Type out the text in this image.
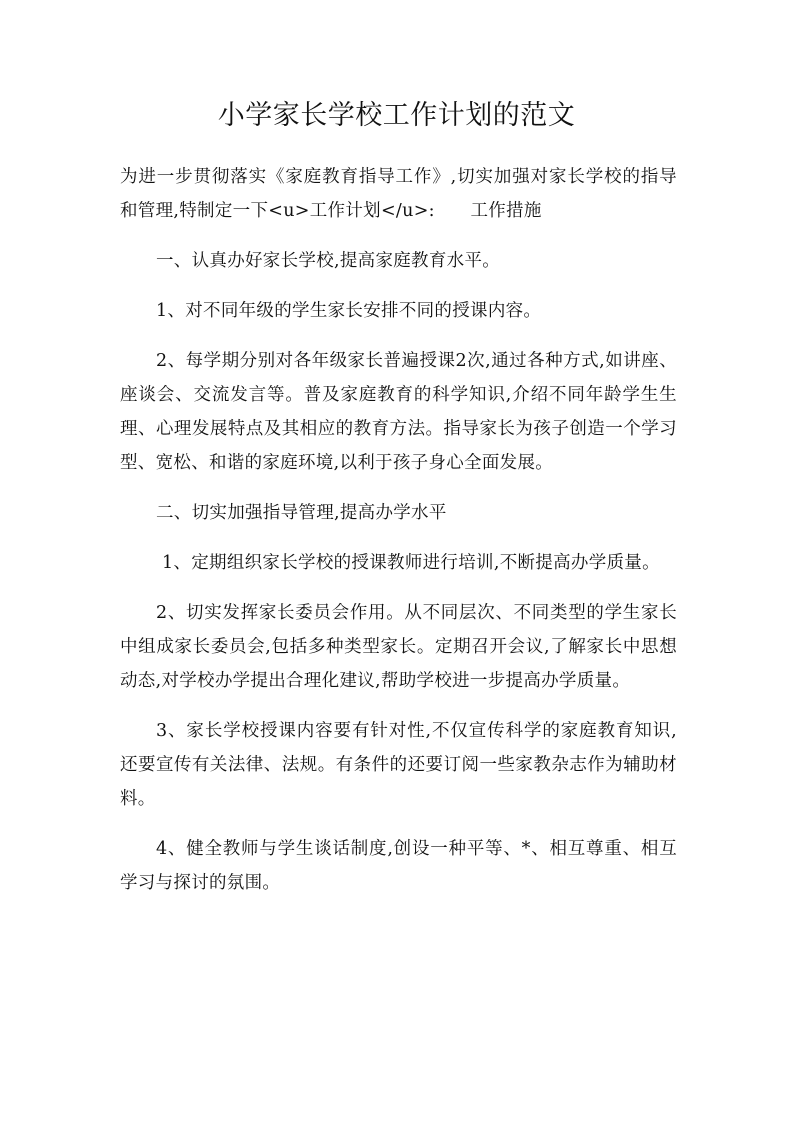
小学家长学校工作计划的范文

为进一步贯彻落实《家庭教育指导工作》,切实加强对家长学校的指导和管理,特制定一下<u>工作计划</u>:　　工作措施

一、认真办好家长学校,提高家庭教育水平。

1、对不同年级的学生家长安排不同的授课内容。

2、每学期分别对各年级家长普遍授课2次,通过各种方式,如讲座、座谈会、交流发言等。普及家庭教育的科学知识,介绍不同年龄学生生理、心理发展特点及其相应的教育方法。指导家长为孩子创造一个学习型、宽松、和谐的家庭环境,以利于孩子身心全面发展。

二、切实加强指导管理,提高办学水平

1、定期组织家长学校的授课教师进行培训,不断提高办学质量。

2、切实发挥家长委员会作用。从不同层次、不同类型的学生家长中组成家长委员会,包括多种类型家长。定期召开会议,了解家长中思想动态,对学校办学提出合理化建议,帮助学校进一步提高办学质量。

3、家长学校授课内容要有针对性,不仅宣传科学的家庭教育知识,还要宣传有关法律、法规。有条件的还要订阅一些家教杂志作为辅助材料。

4、健全教师与学生谈话制度,创设一种平等、*、相互尊重、相互学习与探讨的氛围。
